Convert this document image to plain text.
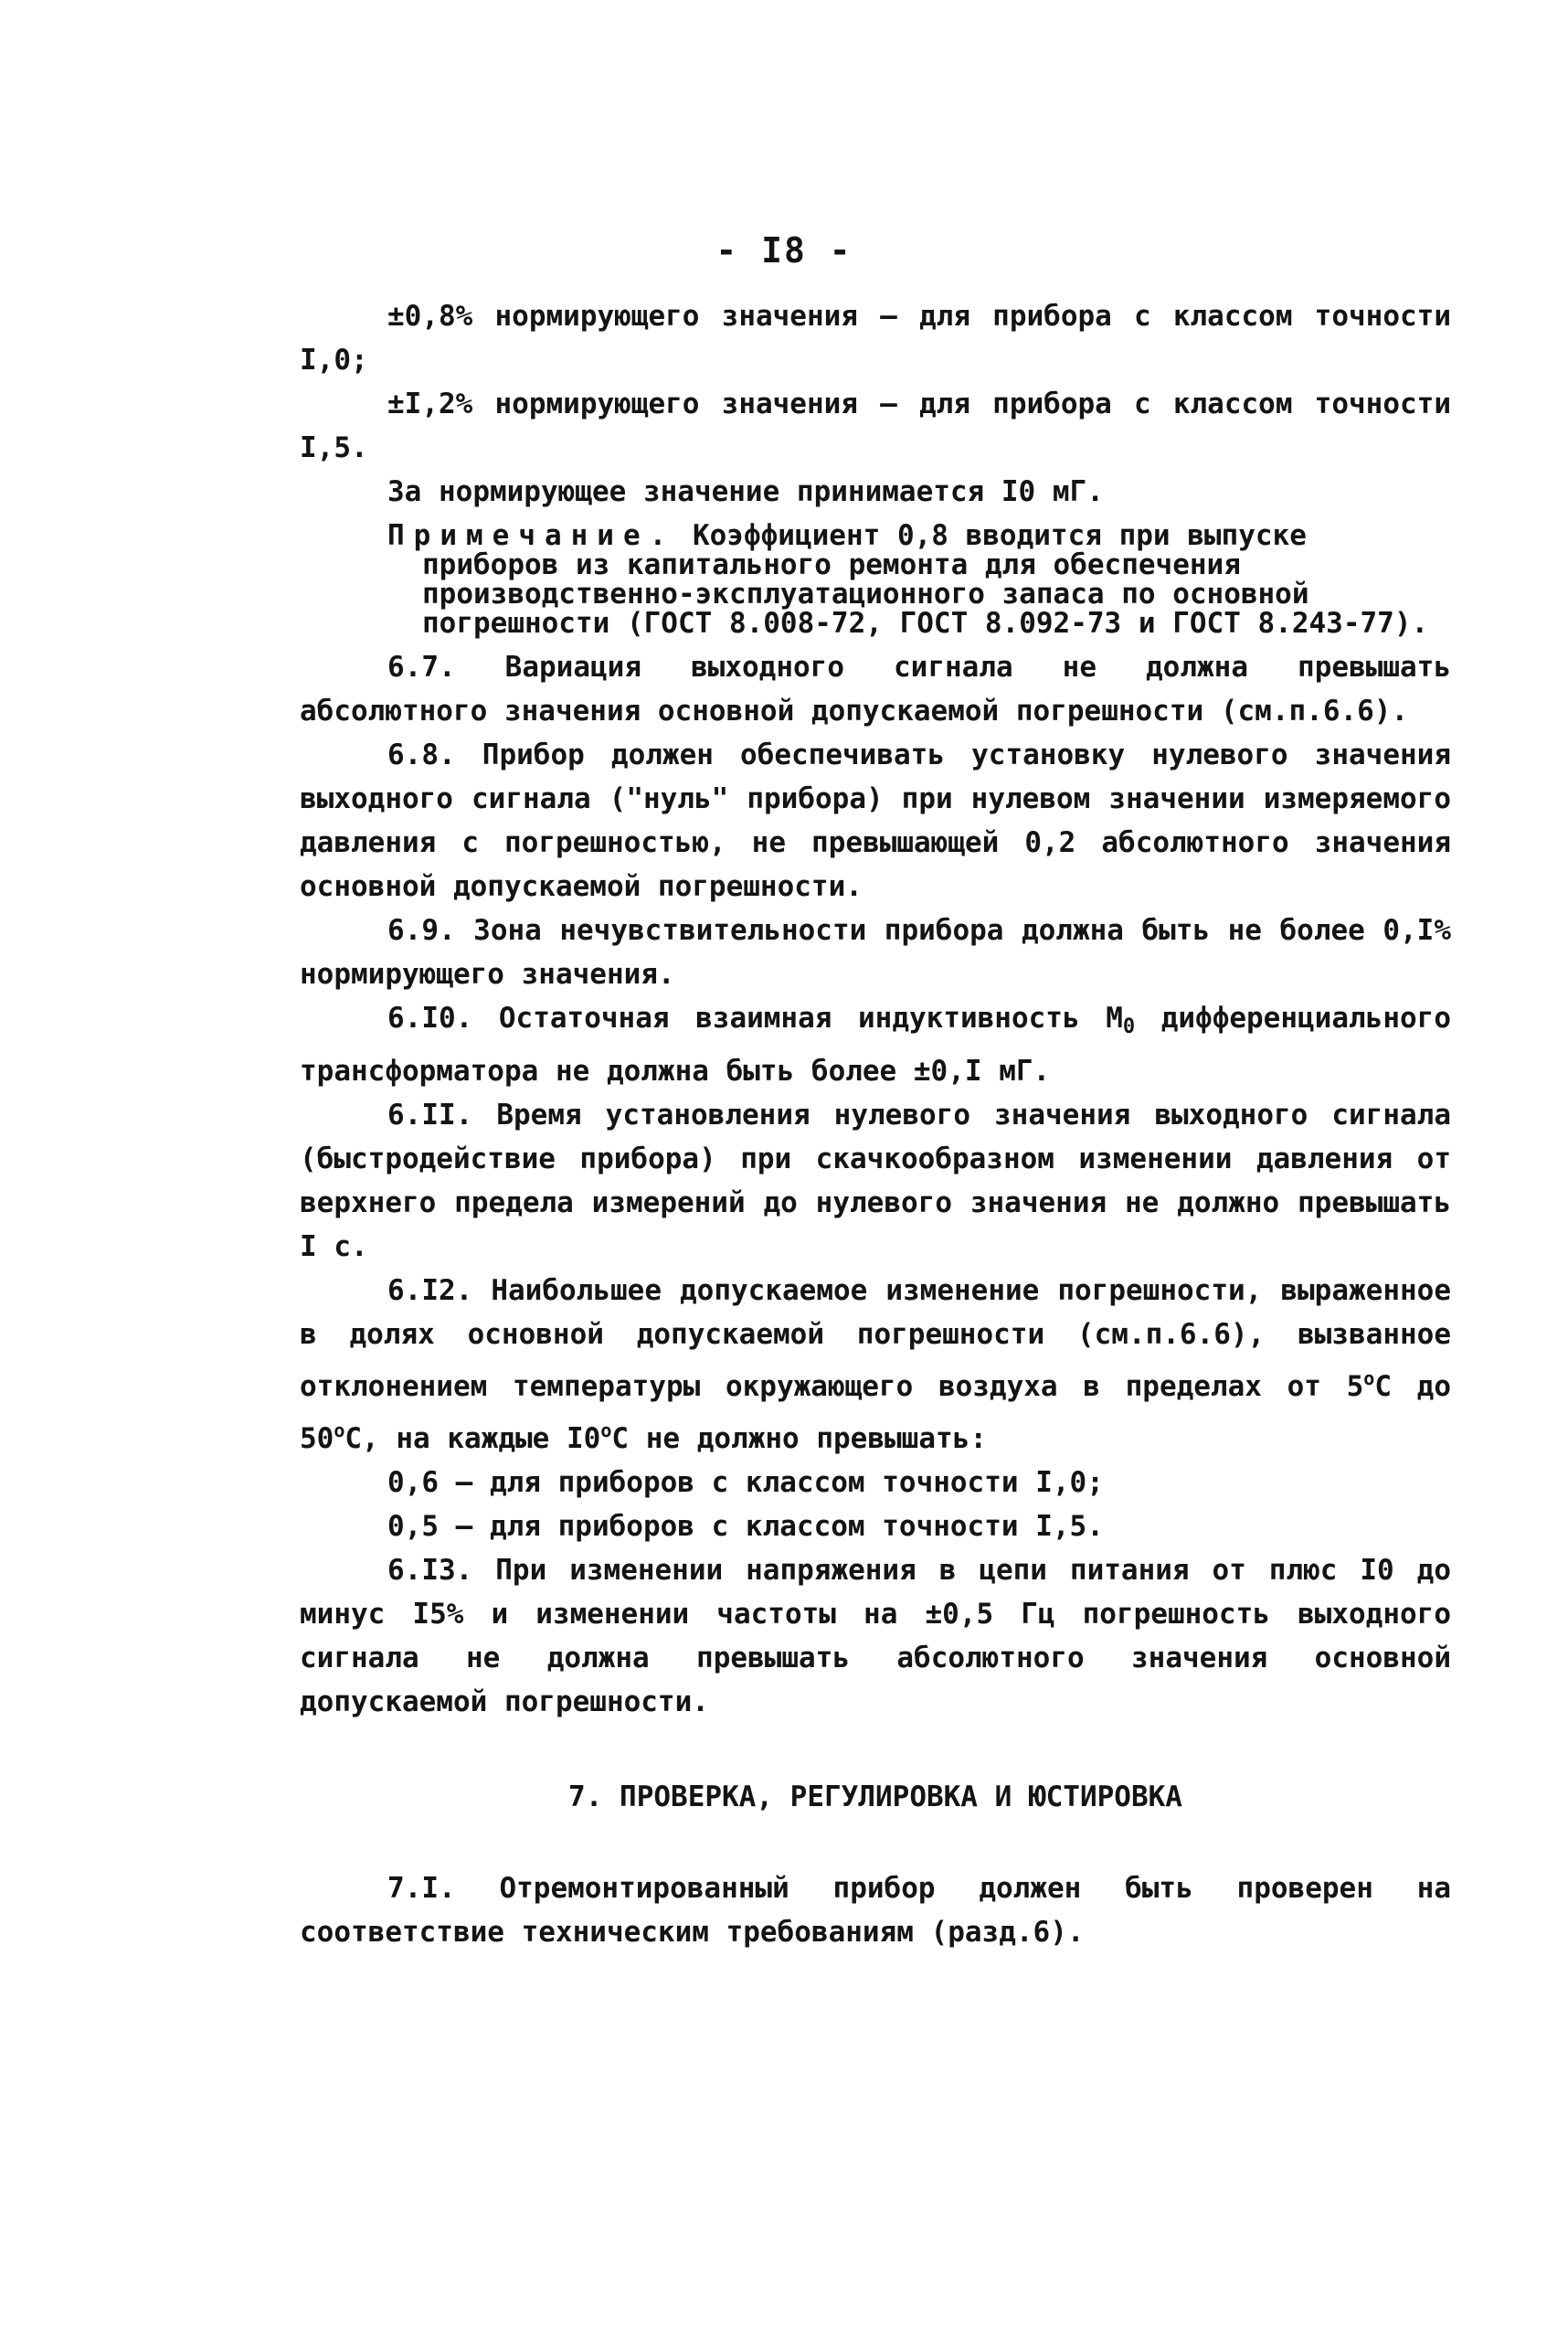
- I8 -

±0,8% нормирующего значения – для прибора с классом точности I,0;

±I,2% нормирующего значения – для прибора с классом точности I,5.

За нормирующее значение принимается I0 мГ.

Примечание. Коэффициент 0,8 вводится при выпуске приборов из капитального ремонта для обеспечения производственно-эксплуатационного запаса по основной погрешности (ГОСТ 8.008-72, ГОСТ 8.092-73 и ГОСТ 8.243-77).

6.7. Вариация выходного сигнала не должна превышать абсолютного значения основной допускаемой погрешности (см.п.6.6).

6.8. Прибор должен обеспечивать установку нулевого значения выходного сигнала ("нуль" прибора) при нулевом значении измеряемого давления с погрешностью, не превышающей 0,2 абсолютного значения основной допускаемой погрешности.

6.9. Зона нечувствительности прибора должна быть не более 0,I% нормирующего значения.

6.I0. Остаточная взаимная индуктивность $М_0$ дифференциального трансформатора не должна быть более ±0,I мГ.

6.II. Время установления нулевого значения выходного сигнала (быстродействие прибора) при скачкообразном изменении давления от верхнего предела измерений до нулевого значения не должно превышать I с.

6.I2. Наибольшее допускаемое изменение погрешности, выраженное в долях основной допускаемой погрешности (см.п.6.6), вызванное отклонением температуры окружающего воздуха в пределах от $5^оС$ до $50^оС$, на каждые $I0^оС$ не должно превышать:

0,6 – для приборов с классом точности I,0;

0,5 – для приборов с классом точности I,5.

6.I3. При изменении напряжения в цепи питания от плюс I0 до минус I5% и изменении частоты на ±0,5 Гц погрешность выходного сигнала не должна превышать абсолютного значения основной допускаемой погрешности.

7. ПРОВЕРКА, РЕГУЛИРОВКА И ЮСТИРОВКА

7.I. Отремонтированный прибор должен быть проверен на соответствие техническим требованиям (разд.6).
